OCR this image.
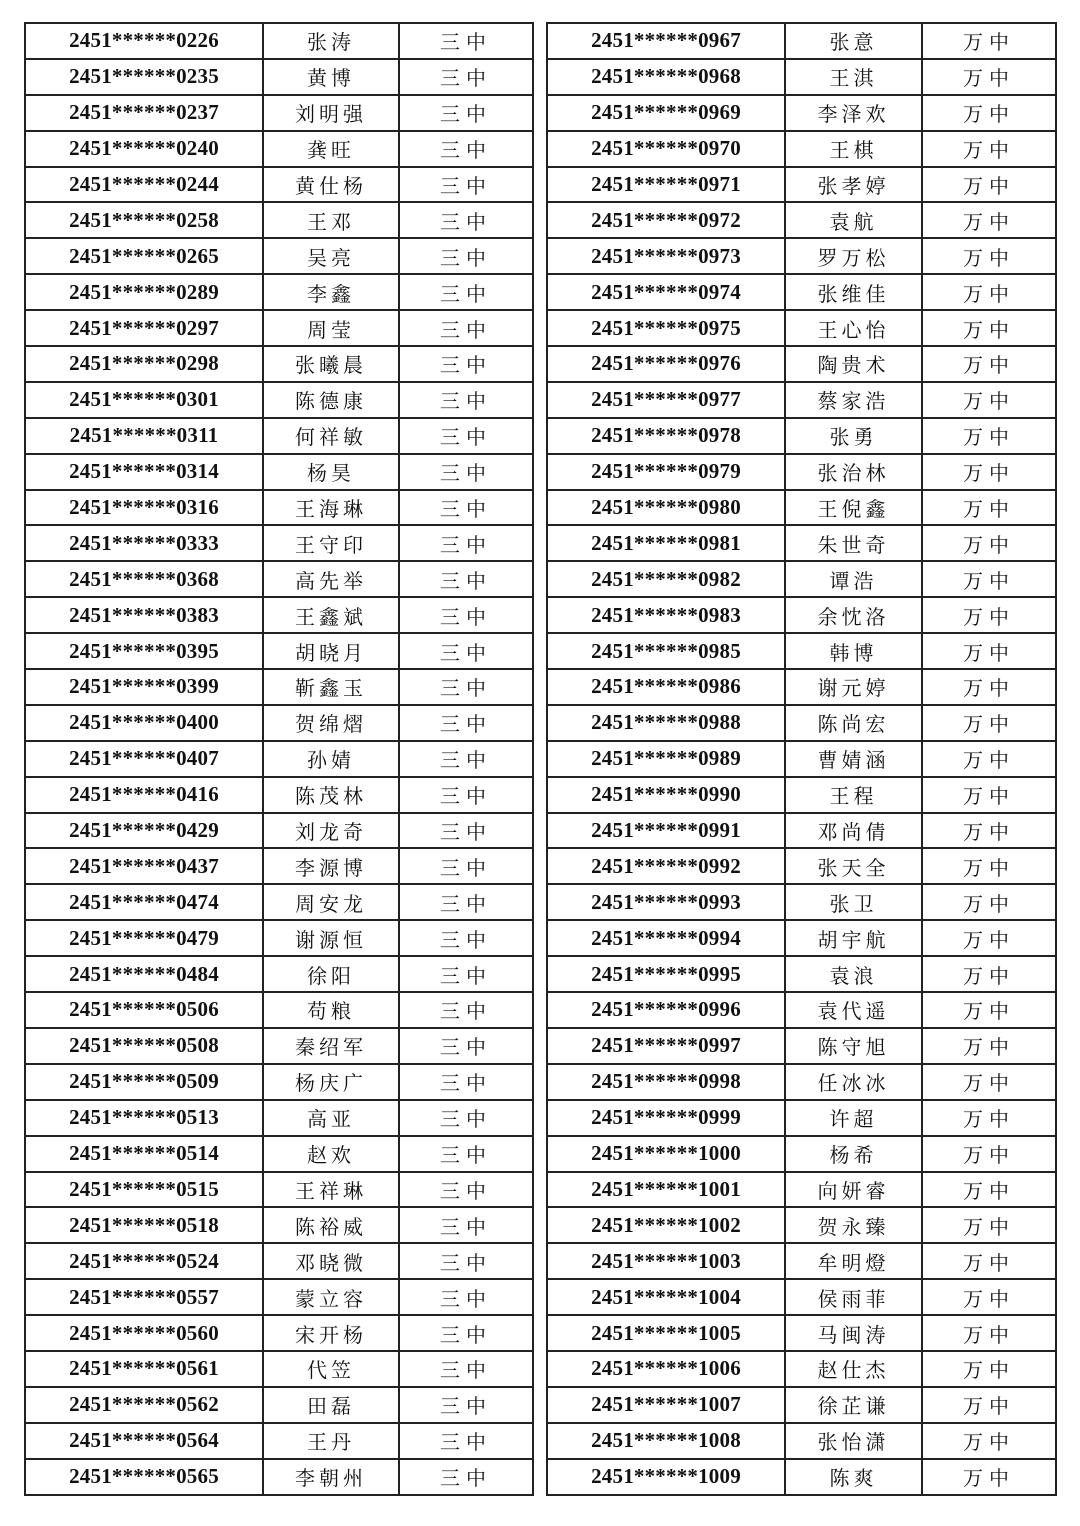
2451******0226	张涛	三中
2451******0235	黄博	三中
2451******0237	刘明强	三中
2451******0240	龚旺	三中
2451******0244	黄仕杨	三中
2451******0258	王邓	三中
2451******0265	吴亮	三中
2451******0289	李鑫	三中
2451******0297	周莹	三中
2451******0298	张曦晨	三中
2451******0301	陈德康	三中
2451******0311	何祥敏	三中
2451******0314	杨昊	三中
2451******0316	王海琳	三中
2451******0333	王守印	三中
2451******0368	高先举	三中
2451******0383	王鑫斌	三中
2451******0395	胡晓月	三中
2451******0399	靳鑫玉	三中
2451******0400	贺绵熠	三中
2451******0407	孙婧	三中
2451******0416	陈茂林	三中
2451******0429	刘龙奇	三中
2451******0437	李源博	三中
2451******0474	周安龙	三中
2451******0479	谢源恒	三中
2451******0484	徐阳	三中
2451******0506	苟粮	三中
2451******0508	秦绍军	三中
2451******0509	杨庆广	三中
2451******0513	高亚	三中
2451******0514	赵欢	三中
2451******0515	王祥琳	三中
2451******0518	陈裕威	三中
2451******0524	邓晓微	三中
2451******0557	蒙立容	三中
2451******0560	宋开杨	三中
2451******0561	代笠	三中
2451******0562	田磊	三中
2451******0564	王丹	三中
2451******0565	李朝州	三中
2451******0967	张意	万中
2451******0968	王淇	万中
2451******0969	李泽欢	万中
2451******0970	王棋	万中
2451******0971	张孝婷	万中
2451******0972	袁航	万中
2451******0973	罗万松	万中
2451******0974	张维佳	万中
2451******0975	王心怡	万中
2451******0976	陶贵术	万中
2451******0977	蔡家浩	万中
2451******0978	张勇	万中
2451******0979	张治林	万中
2451******0980	王倪鑫	万中
2451******0981	朱世奇	万中
2451******0982	谭浩	万中
2451******0983	余忱洛	万中
2451******0985	韩博	万中
2451******0986	谢元婷	万中
2451******0988	陈尚宏	万中
2451******0989	曹婧涵	万中
2451******0990	王程	万中
2451******0991	邓尚倩	万中
2451******0992	张天全	万中
2451******0993	张卫	万中
2451******0994	胡宇航	万中
2451******0995	袁浪	万中
2451******0996	袁代遥	万中
2451******0997	陈守旭	万中
2451******0998	任冰冰	万中
2451******0999	许超	万中
2451******1000	杨希	万中
2451******1001	向妍睿	万中
2451******1002	贺永臻	万中
2451******1003	牟明燈	万中
2451******1004	侯雨菲	万中
2451******1005	马闽涛	万中
2451******1006	赵仕杰	万中
2451******1007	徐芷谦	万中
2451******1008	张怡潇	万中
2451******1009	陈爽	万中
